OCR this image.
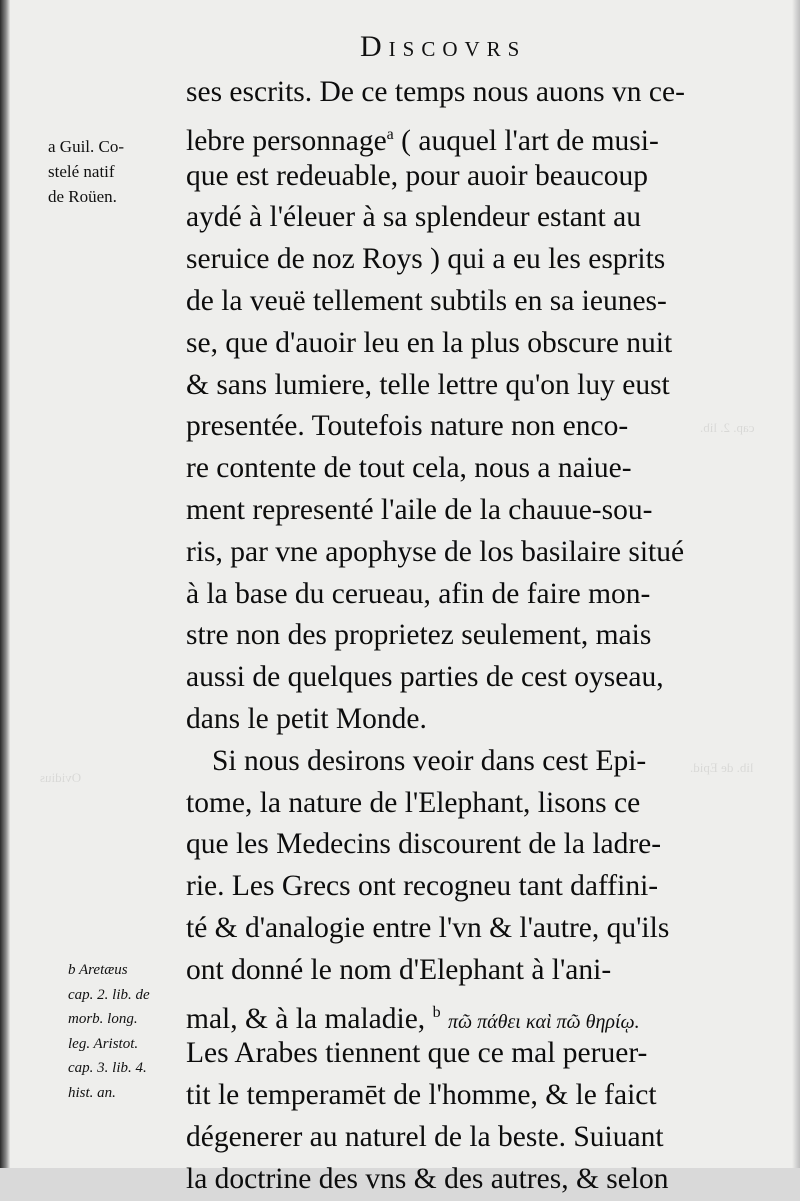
cap. 2. lib.
lib. de Epid.
Ovidius
Discovrs
a Guil. Co-
stelé natif
de Roüen.
b Aretæus
cap. 2. lib. de
morb. long.
leg. Aristot.
cap. 3. lib. 4.
hist. an.
ses escrits. De ce temps nous auons vn ce-
lebre personnage$^a$ ( auquel l'art de musi-
que est redeuable, pour auoir beaucoup
aydé à l'éleuer à sa splendeur estant au
seruice de noz Roys ) qui a eu les esprits
de la veuë tellement subtils en sa ieunes-
se, que d'auoir leu en la plus obscure nuit
& sans lumiere, telle lettre qu'on luy eust
presentée. Toutefois nature non enco-
re contente de tout cela, nous a naiue-
ment representé l'aile de la chauue-sou-
ris, par vne apophyse de los basilaire situé
à la base du cerueau, afin de faire mon-
stre non des proprietez seulement, mais
aussi de quelques parties de cest oyseau,
dans le petit Monde.
Si nous desirons veoir dans cest Epi-
tome, la nature de l'Elephant, lisons ce
que les Medecins discourent de la ladre-
rie. Les Grecs ont recogneu tant daffini-
té & d'analogie entre l'vn & l'autre, qu'ils
ont donné le nom d'Elephant à l'ani-
mal, & à la maladie, $^b$ πῶ πάθει καὶ πῶ θηρίῳ.
Les Arabes tiennent que ce mal peruer-
tit le temperamēt de l'homme, & le faict
dégenerer au naturel de la beste. Suiuant
la doctrine des vns & des autres, & selon
